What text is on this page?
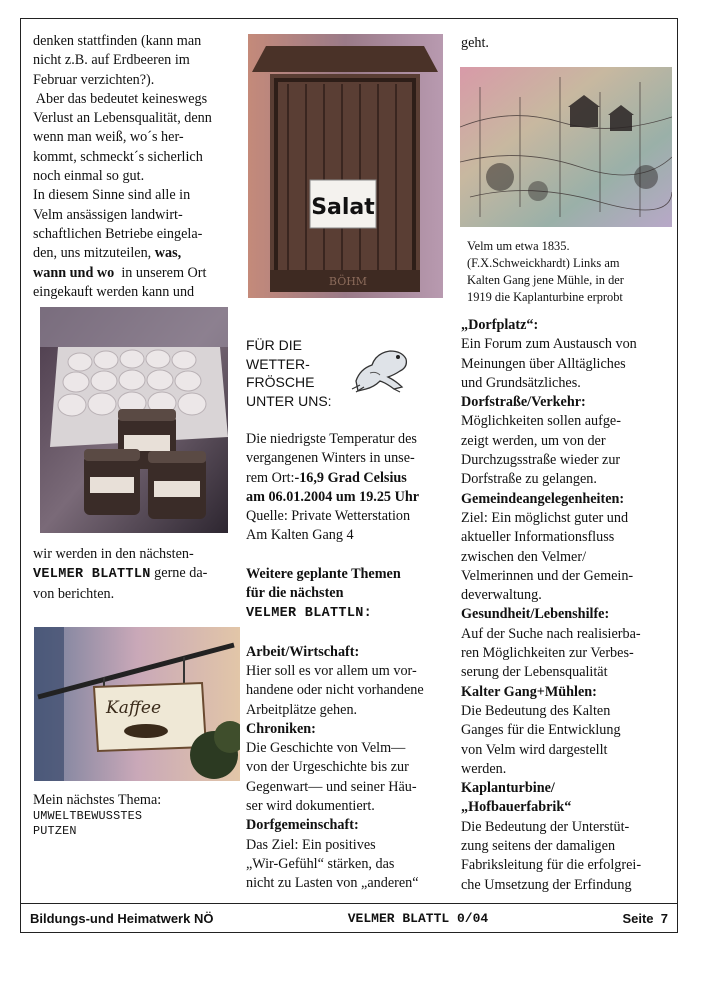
denken stattfinden (kann man

nicht z.B. auf Erdbeeren im

Februar verzichten?).

Aber das bedeutet keineswegs

Verlust an Lebensqualität, denn

wenn man weiß, wo´s her-

kommt, schmeckt´s sicherlich

noch einmal so gut.

In diesem Sinne sind alle in

Velm ansässigen landwirt-

schaftlichen Betriebe eingela-

den, uns mitzuteilen, was,

wann und wo  in unserem Ort

eingekauft werden kann und

wir werden in den nächsten-

VELMER BLATTLN gerne da-

von berichten.

Kaffee
Mein nächstes Thema:
UMWELTBEWUSSTES
PUTZEN
Salat
BÖHM

geht.

Velm um etwa 1835.
(F.X.Schweickhardt) Links am
Kalten Gang jene Mühle, in der
1919 die Kaplanturbine erprobt
FÜR DIE
WETTER-
FRÖSCHE
UNTER UNS:

Die niedrigste Temperatur des

vergangenen Winters in unse-

rem Ort:-16,9 Grad Celsius

am 06.01.2004 um 19.25 Uhr

Quelle: Private Wetterstation

Am Kalten Gang 4

Weitere geplante Themen

für die nächsten

VELMER BLATTLN:

Arbeit/Wirtschaft:

Hier soll es vor allem um vor-

handene oder nicht vorhandene

Arbeitplätze gehen.

Chroniken:

Die Geschichte von Velm—

von der Urgeschichte bis zur

Gegenwart— und seiner Häu-

ser wird dokumentiert.

Dorfgemeinschaft:

Das Ziel: Ein positives

„Wir-Gefühl“ stärken, das

nicht zu Lasten von „anderen“

„Dorfplatz“:

Ein Forum zum Austausch von

Meinungen über Alltägliches

und Grundsätzliches.

Dorfstraße/Verkehr:

Möglichkeiten sollen aufge-

zeigt werden, um von der

Durchzugsstraße wieder zur

Dorfstraße zu gelangen.

Gemeindeangelegenheiten:

Ziel: Ein möglichst guter und

aktueller Informationsfluss

zwischen den Velmer/

Velmerinnen und der Gemein-

deverwaltung.

Gesundheit/Lebenshilfe:

Auf der Suche nach realisierba-

ren Möglichkeiten zur Verbes-

serung der Lebensqualität

Kalter Gang+Mühlen:

Die Bedeutung des Kalten

Ganges für die Entwicklung

von Velm wird dargestellt

werden.

Kaplanturbine/

„Hofbauerfabrik“

Die Bedeutung der Unterstüt-

zung seitens der damaligen

Fabriksleitung für die erfolgrei-

che Umsetzung der Erfindung

Bildungs-und Heimatwerk NÖ	VELMER BLATTL 0/04	Seite  7
